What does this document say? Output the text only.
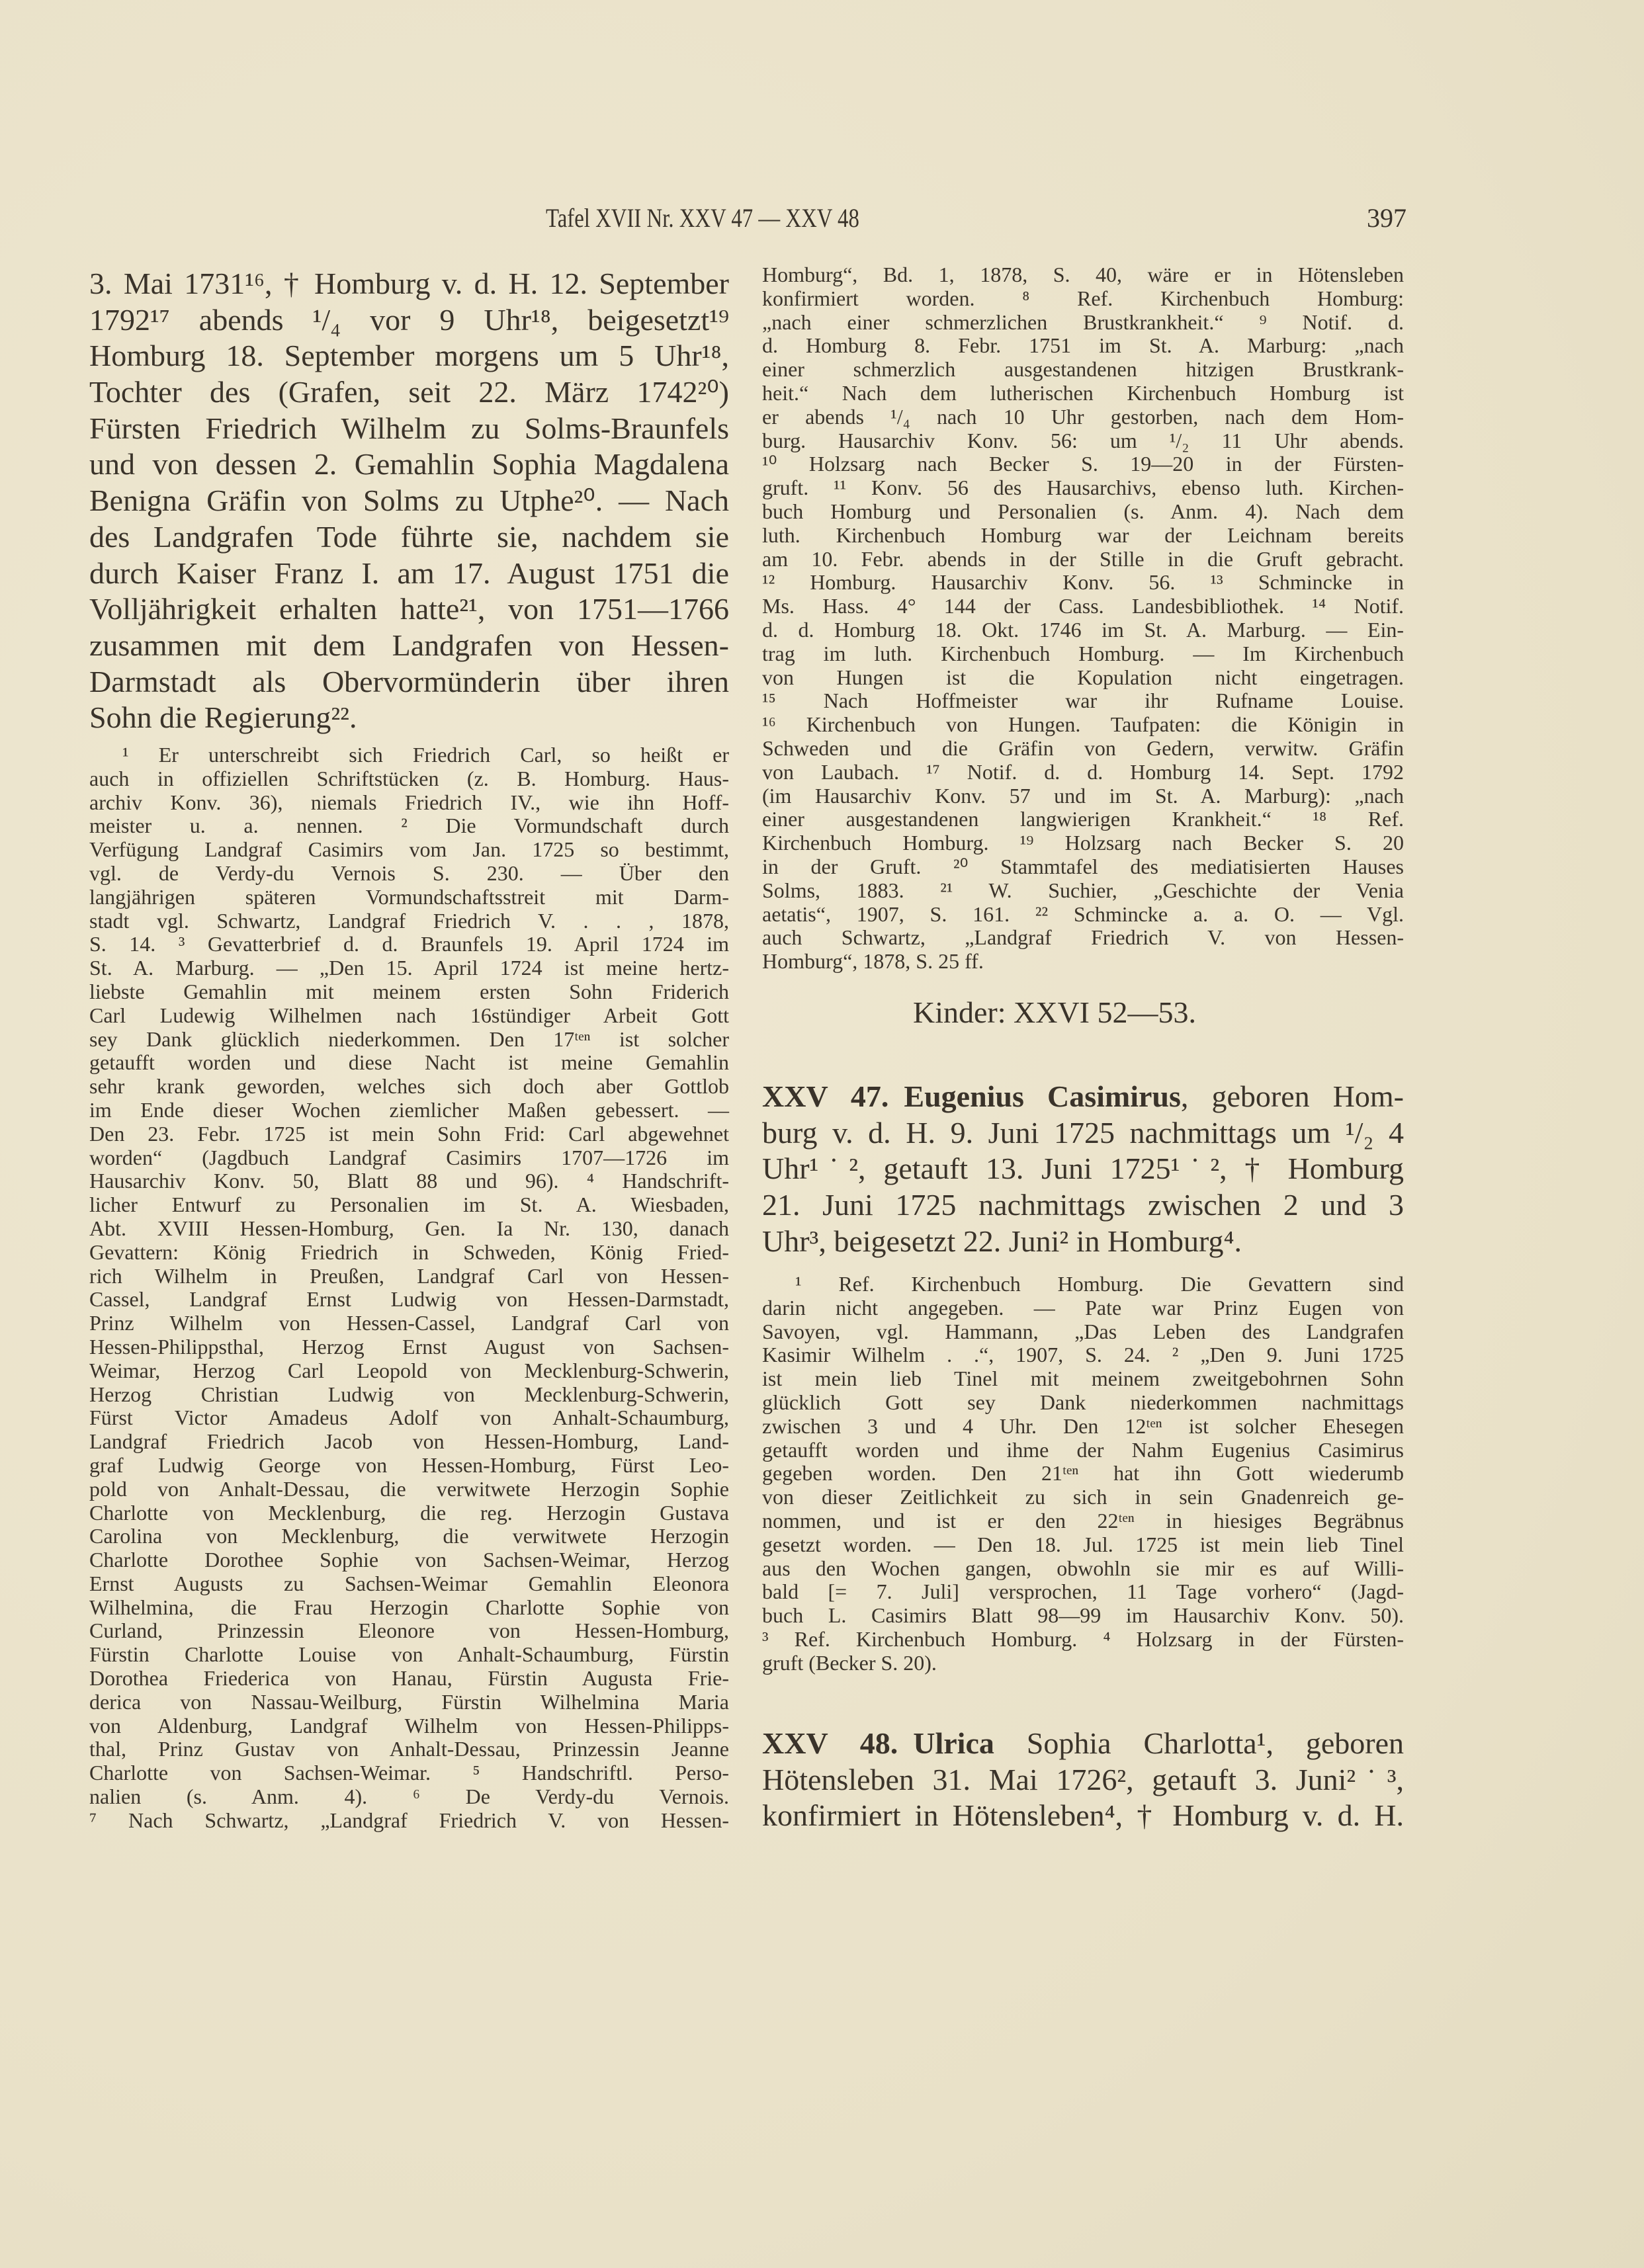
Tafel XVII Nr. XXV 47 — XXV 48	397
3. Mai 1731¹⁶, † Homburg v. d. H. 12. September
1792¹⁷ abends ¹/₄ vor 9 Uhr¹⁸, beigesetzt¹⁹
Homburg 18. September morgens um 5 Uhr¹⁸,
Tochter des (Grafen, seit 22. März 1742²⁰)
Fürsten Friedrich Wilhelm zu Solms-Braunfels
und von dessen 2. Gemahlin Sophia Magdalena
Benigna Gräfin von Solms zu Utphe²⁰. — Nach
des Landgrafen Tode führte sie, nachdem sie
durch Kaiser Franz I. am 17. August 1751 die
Volljährigkeit erhalten hatte²¹, von 1751—1766
zusammen mit dem Landgrafen von Hessen-
Darmstadt als Obervormünderin über ihren
Sohn die Regierung²².
¹ Er unterschreibt sich Friedrich Carl, so heißt er
auch in offiziellen Schriftstücken (z. B. Homburg. Haus-
archiv Konv. 36), niemals Friedrich IV., wie ihn Hoff-
meister u. a. nennen. ² Die Vormundschaft durch
Verfügung Landgraf Casimirs vom Jan. 1725 so bestimmt,
vgl. de Verdy-du Vernois S. 230. — Über den
langjährigen späteren Vormundschaftsstreit mit Darm-
stadt vgl. Schwartz, Landgraf Friedrich V. . . , 1878,
S. 14. ³ Gevatterbrief d. d. Braunfels 19. April 1724 im
St. A. Marburg. — „Den 15. April 1724 ist meine hertz-
liebste Gemahlin mit meinem ersten Sohn Friderich
Carl Ludewig Wilhelmen nach 16stündiger Arbeit Gott
sey Dank glücklich niederkommen. Den 17ᵗᵉⁿ ist solcher
getaufft worden und diese Nacht ist meine Gemahlin
sehr krank geworden, welches sich doch aber Gottlob
im Ende dieser Wochen ziemlicher Maßen gebessert. —
Den 23. Febr. 1725 ist mein Sohn Frid: Carl abgewehnet
worden“ (Jagdbuch Landgraf Casimirs 1707—1726 im
Hausarchiv Konv. 50, Blatt 88 und 96). ⁴ Handschrift-
licher Entwurf zu Personalien im St. A. Wiesbaden,
Abt. XVIII Hessen-Homburg, Gen. Ia Nr. 130, danach
Gevattern: König Friedrich in Schweden, König Fried-
rich Wilhelm in Preußen, Landgraf Carl von Hessen-
Cassel, Landgraf Ernst Ludwig von Hessen-Darmstadt,
Prinz Wilhelm von Hessen-Cassel, Landgraf Carl von
Hessen-Philippsthal, Herzog Ernst August von Sachsen-
Weimar, Herzog Carl Leopold von Mecklenburg-Schwerin,
Herzog Christian Ludwig von Mecklenburg-Schwerin,
Fürst Victor Amadeus Adolf von Anhalt-Schaumburg,
Landgraf Friedrich Jacob von Hessen-Homburg, Land-
graf Ludwig George von Hessen-Homburg, Fürst Leo-
pold von Anhalt-Dessau, die verwitwete Herzogin Sophie
Charlotte von Mecklenburg, die reg. Herzogin Gustava
Carolina von Mecklenburg, die verwitwete Herzogin
Charlotte Dorothee Sophie von Sachsen-Weimar, Herzog
Ernst Augusts zu Sachsen-Weimar Gemahlin Eleonora
Wilhelmina, die Frau Herzogin Charlotte Sophie von
Curland, Prinzessin Eleonore von Hessen-Homburg,
Fürstin Charlotte Louise von Anhalt-Schaumburg, Fürstin
Dorothea Friederica von Hanau, Fürstin Augusta Frie-
derica von Nassau-Weilburg, Fürstin Wilhelmina Maria
von Aldenburg, Landgraf Wilhelm von Hessen-Philipps-
thal, Prinz Gustav von Anhalt-Dessau, Prinzessin Jeanne
Charlotte von Sachsen-Weimar. ⁵ Handschriftl. Perso-
nalien (s. Anm. 4). ⁶ De Verdy-du Vernois.
⁷ Nach Schwartz, „Landgraf Friedrich V. von Hessen-
Homburg“, Bd. 1, 1878, S. 40, wäre er in Hötensleben
konfirmiert worden. ⁸ Ref. Kirchenbuch Homburg:
„nach einer schmerzlichen Brustkrankheit.“ ⁹ Notif. d.
d. Homburg 8. Febr. 1751 im St. A. Marburg: „nach
einer schmerzlich ausgestandenen hitzigen Brustkrank-
heit.“ Nach dem lutherischen Kirchenbuch Homburg ist
er abends ¹/₄ nach 10 Uhr gestorben, nach dem Hom-
burg. Hausarchiv Konv. 56: um ¹/₂ 11 Uhr abends.
¹⁰ Holzsarg nach Becker S. 19—20 in der Fürsten-
gruft. ¹¹ Konv. 56 des Hausarchivs, ebenso luth. Kirchen-
buch Homburg und Personalien (s. Anm. 4). Nach dem
luth. Kirchenbuch Homburg war der Leichnam bereits
am 10. Febr. abends in der Stille in die Gruft gebracht.
¹² Homburg. Hausarchiv Konv. 56. ¹³ Schmincke in
Ms. Hass. 4° 144 der Cass. Landesbibliothek. ¹⁴ Notif.
d. d. Homburg 18. Okt. 1746 im St. A. Marburg. — Ein-
trag im luth. Kirchenbuch Homburg. — Im Kirchenbuch
von Hungen ist die Kopulation nicht eingetragen.
¹⁵ Nach Hoffmeister war ihr Rufname Louise.
¹⁶ Kirchenbuch von Hungen. Taufpaten: die Königin in
Schweden und die Gräfin von Gedern, verwitw. Gräfin
von Laubach. ¹⁷ Notif. d. d. Homburg 14. Sept. 1792
(im Hausarchiv Konv. 57 und im St. A. Marburg): „nach
einer ausgestandenen langwierigen Krankheit.“ ¹⁸ Ref.
Kirchenbuch Homburg. ¹⁹ Holzsarg nach Becker S. 20
in der Gruft. ²⁰ Stammtafel des mediatisierten Hauses
Solms, 1883. ²¹ W. Suchier, „Geschichte der Venia
aetatis“, 1907, S. 161. ²² Schmincke a. a. O. — Vgl.
auch Schwartz, „Landgraf Friedrich V. von Hessen-
Homburg“, 1878, S. 25 ff.
Kinder: XXVI 52—53.
XXV 47.  Eugenius Casimirus, geboren Hom-
burg v. d. H. 9. Juni 1725 nachmittags um ¹/₂ 4
Uhr¹˙², getauft 13. Juni 1725¹˙², † Homburg
21. Juni 1725 nachmittags zwischen 2 und 3
Uhr³, beigesetzt 22. Juni² in Homburg⁴.
¹ Ref. Kirchenbuch Homburg. Die Gevattern sind
darin nicht angegeben. — Pate war Prinz Eugen von
Savoyen, vgl. Hammann, „Das Leben des Landgrafen
Kasimir Wilhelm . .“, 1907, S. 24. ² „Den 9. Juni 1725
ist mein lieb Tinel mit meinem zweitgebohrnen Sohn
glücklich Gott sey Dank niederkommen nachmittags
zwischen 3 und 4 Uhr. Den 12ᵗᵉⁿ ist solcher Ehesegen
getaufft worden und ihme der Nahm Eugenius Casimirus
gegeben worden. Den 21ᵗᵉⁿ hat ihn Gott wiederumb
von dieser Zeitlichkeit zu sich in sein Gnadenreich ge-
nommen, und ist er den 22ᵗᵉⁿ in hiesiges Begräbnus
gesetzt worden. — Den 18. Jul. 1725 ist mein lieb Tinel
aus den Wochen gangen, obwohln sie mir es auf Willi-
bald [= 7. Juli] versprochen, 11 Tage vorhero“ (Jagd-
buch L. Casimirs Blatt 98—99 im Hausarchiv Konv. 50).
³ Ref. Kirchenbuch Homburg. ⁴ Holzsarg in der Fürsten-
gruft (Becker S. 20).
XXV 48.  Ulrica Sophia Charlotta¹, geboren
Hötensleben 31. Mai 1726², getauft 3. Juni²˙³,
konfirmiert in Hötensleben⁴, † Homburg v. d. H.
